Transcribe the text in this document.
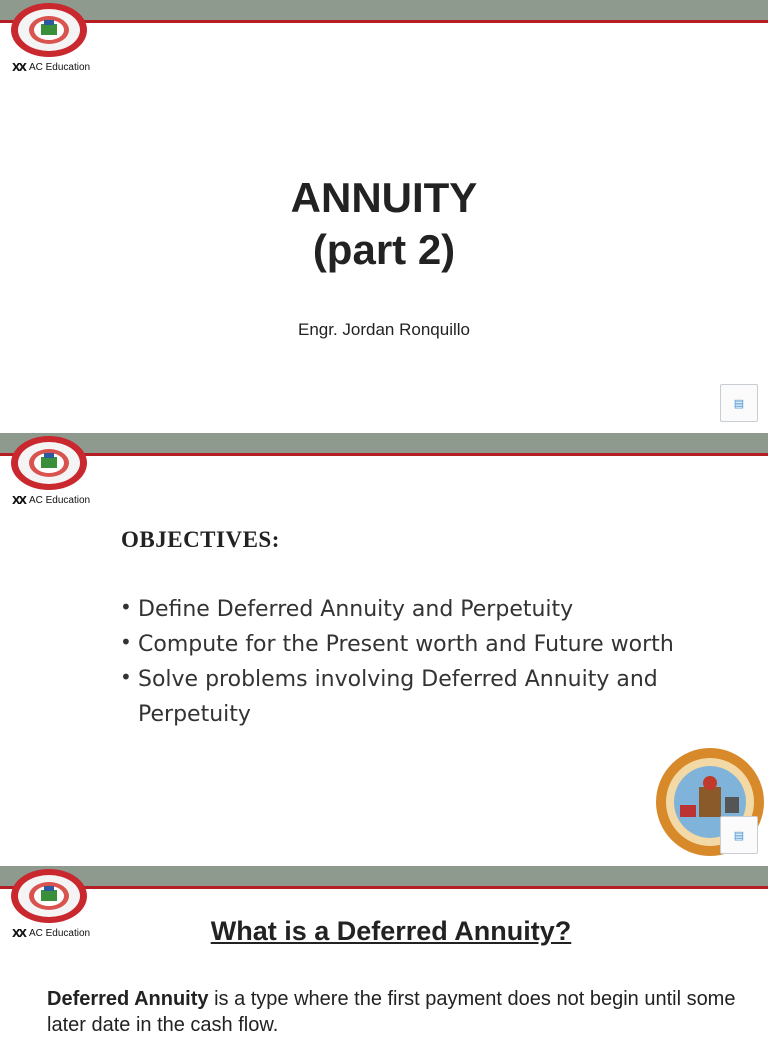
XX AC Education
ANNUITY
(part 2)
Engr. Jordan Ronquillo
▤
XX AC Education
OBJECTIVES:
• Define Deferred Annuity and Perpetuity
• Compute for the Present worth and Future worth
• Solve problems involving Deferred Annuity and Perpetuity
▤
XX AC Education	What is a Deferred Annuity?
Deferred Annuity is a type where the first payment does not begin until some later date in the cash flow.
